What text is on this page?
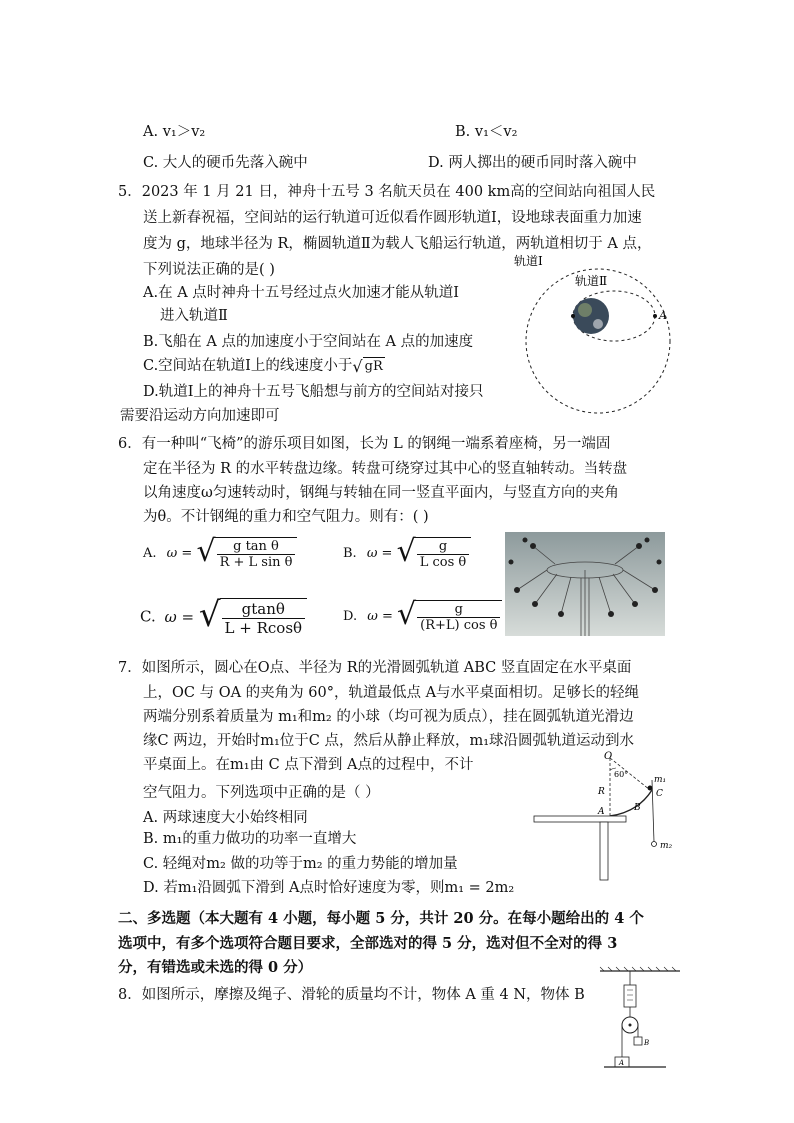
A. v₁＞v₂	B. v₁＜v₂
C. 大人的硬币先落入碗中	D. 两人掷出的硬币同时落入碗中
5．2023 年 1 月 21 日，神舟十五号 3 名航天员在 400 km高的空间站向祖国人民
送上新春祝福，空间站的运行轨道可近似看作圆形轨道Ⅰ，设地球表面重力加速
度为 g，地球半径为 R，椭圆轨道Ⅱ为载人飞船运行轨道，两轨道相切于 A 点，
下列说法正确的是( )
A.在 A 点时神舟十五号经过点火加速才能从轨道Ⅰ
进入轨道Ⅱ
B.飞船在 A 点的加速度小于空间站在 A 点的加速度
C.空间站在轨道Ⅰ上的线速度小于 √ gR
D.轨道Ⅰ上的神舟十五号飞船想与前方的空间站对接只
需要沿运动方向加速即可
轨道Ⅰ
轨道Ⅱ
A
6．有一种叫“飞椅”的游乐项目如图，长为 L 的钢绳一端系着座椅，另一端固
定在半径为 R 的水平转盘边缘。转盘可绕穿过其中心的竖直轴转动。当转盘
以角速度ω匀速转动时，钢绳与转轴在同一竖直平面内，与竖直方向的夹角
为θ。不计钢绳的重力和空气阻力。则有：( )
A. ω = √ $\frac{\text{g tan θ}}{\text{R + L sin θ}}$	B. ω = √ $\frac{g}{\text{L cos θ}}$
C. ω = √ $\frac{gtan\theta}{L + Rcos\theta}$	D. ω = √ $\frac{g}{\text{(R+L) cos θ}}$
7．如图所示，圆心在O点、半径为 R的光滑圆弧轨道 ABC 竖直固定在水平桌面
上，OC 与 OA 的夹角为 60°，轨道最低点 A与水平桌面相切。足够长的轻绳
两端分别系着质量为 m₁和m₂ 的小球（均可视为质点），挂在圆弧轨道光滑边
缘C 两边，开始时m₁位于C 点，然后从静止释放，m₁球沿圆弧轨道运动到水
平桌面上。在m₁由 C 点下滑到 A点的过程中，不计
空气阻力。下列选项中正确的是（ ）
A. 两球速度大小始终相同
B. m₁的重力做功的功率一直增大
C. 轻绳对m₂ 做的功等于m₂ 的重力势能的增加量
D. 若m₁沿圆弧下滑到 A点时恰好速度为零，则m₁ = 2m₂
O
60°
R	C
B
A
m₁
m₂
二、多选题（本大题有 4 小题，每小题 5 分，共计 20 分。在每小题给出的 4 个
选项中，有多个选项符合题目要求，全部选对的得 5 分，选对但不全对的得 3
分，有错选或未选的得 0 分）
8．如图所示，摩擦及绳子、滑轮的质量均不计，物体 A 重 4 N，物体 B
A
B
